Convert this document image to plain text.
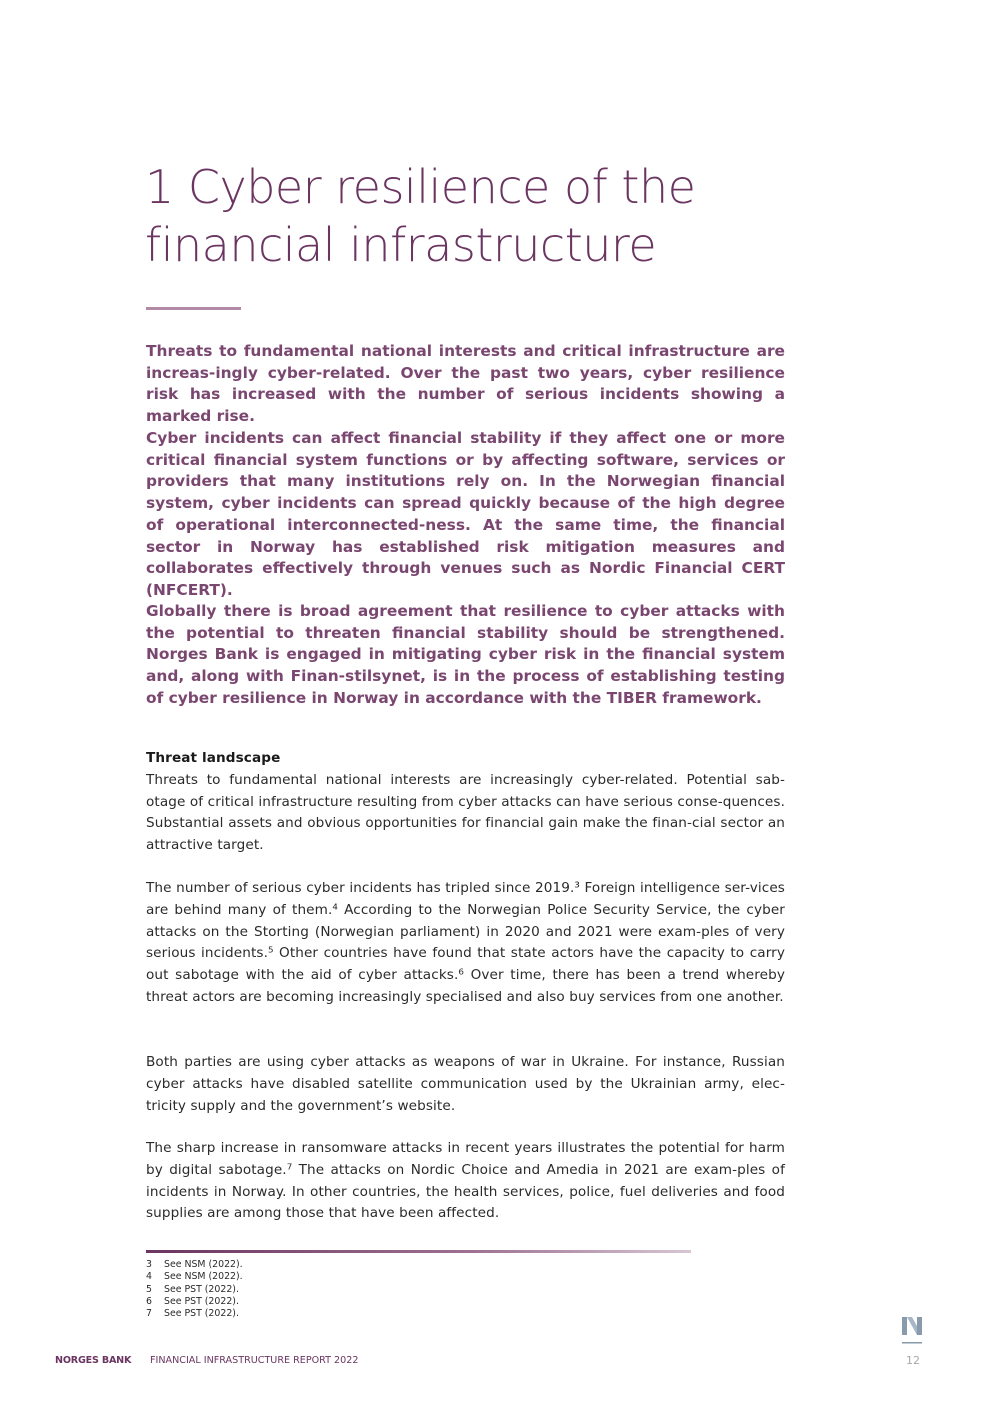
1 Cyber resilience of the
financial infrastructure

Threats to fundamental national interests and critical infrastructure are increas-ingly cyber-related. Over the past two years, cyber resilience risk has increased with the number of serious incidents showing a marked rise.

Cyber incidents can affect financial stability if they affect one or more critical financial system functions or by affecting software, services or providers that many institutions rely on. In the Norwegian financial system, cyber incidents can spread quickly because of the high degree of operational interconnected-ness. At the same time, the financial sector in Norway has established risk mitigation measures and collaborates effectively through venues such as Nordic Financial CERT (NFCERT).

Globally there is broad agreement that resilience to cyber attacks with the potential to threaten financial stability should be strengthened. Norges Bank is engaged in mitigating cyber risk in the financial system and, along with Finan-stilsynet, is in the process of establishing testing of cyber resilience in Norway in accordance with the TIBER framework.

Threat landscape
Threats to fundamental national interests are increasingly cyber-related. Potential sab-otage of critical infrastructure resulting from cyber attacks can have serious conse-quences. Substantial assets and obvious opportunities for financial gain make the finan-cial sector an attractive target.

The number of serious cyber incidents has tripled since 2019.³ Foreign intelligence ser-vices are behind many of them.⁴ According to the Norwegian Police Security Service, the cyber attacks on the Storting (Norwegian parliament) in 2020 and 2021 were exam-ples of very serious incidents.⁵ Other countries have found that state actors have the capacity to carry out sabotage with the aid of cyber attacks.⁶ Over time, there has been a trend whereby threat actors are becoming increasingly specialised and also buy services from one another.

Both parties are using cyber attacks as weapons of war in Ukraine. For instance, Russian cyber attacks have disabled satellite communication used by the Ukrainian army, elec-tricity supply and the government’s website.

The sharp increase in ransomware attacks in recent years illustrates the potential for harm by digital sabotage.⁷ The attacks on Nordic Choice and Amedia in 2021 are exam-ples of incidents in Norway. In other countries, the health services, police, fuel deliveries and food supplies are among those that have been affected.

3	See NSM (2022).
4	See NSM (2022).
5	See PST (2022).
6	See PST (2022).
7	See PST (2022).
NORGES BANK FINANCIAL INFRASTRUCTURE REPORT 2022	12
